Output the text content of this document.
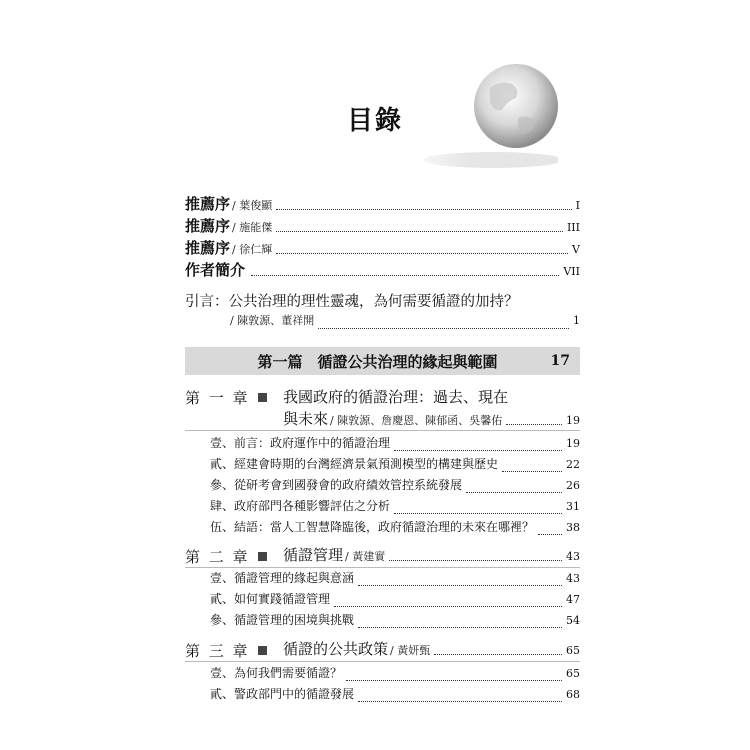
目錄
推薦序 / 葉俊顯	I
推薦序 / 施能傑	III
推薦序 / 徐仁輝	V
作者簡介	VII
引言：公共治理的理性靈魂，為何需要循證的加持？
/ 陳敦源、董祥開	1
第一篇　循證公共治理的緣起與範圍	17
第 一 章 我國政府的循證治理：過去、現在
與未來 / 陳敦源、詹慶恩、陳郁函、吳馨佑	19
壹、前言：政府運作中的循證治理	19
貳、經建會時期的台灣經濟景氣預測模型的構建與歷史	22
參、從研考會到國發會的政府績效管控系統發展	26
肆、政府部門各種影響評估之分析	31
伍、結語：當人工智慧降臨後，政府循證治理的未來在哪裡？	38
第 二 章 循證管理 / 黃建實	43
壹、循證管理的緣起與意涵	43
貳、如何實踐循證管理	47
參、循證管理的困境與挑戰	54
第 三 章 循證的公共政策 / 黃妍甄	65
壹、為何我們需要循證？	65
貳、警政部門中的循證發展	68
